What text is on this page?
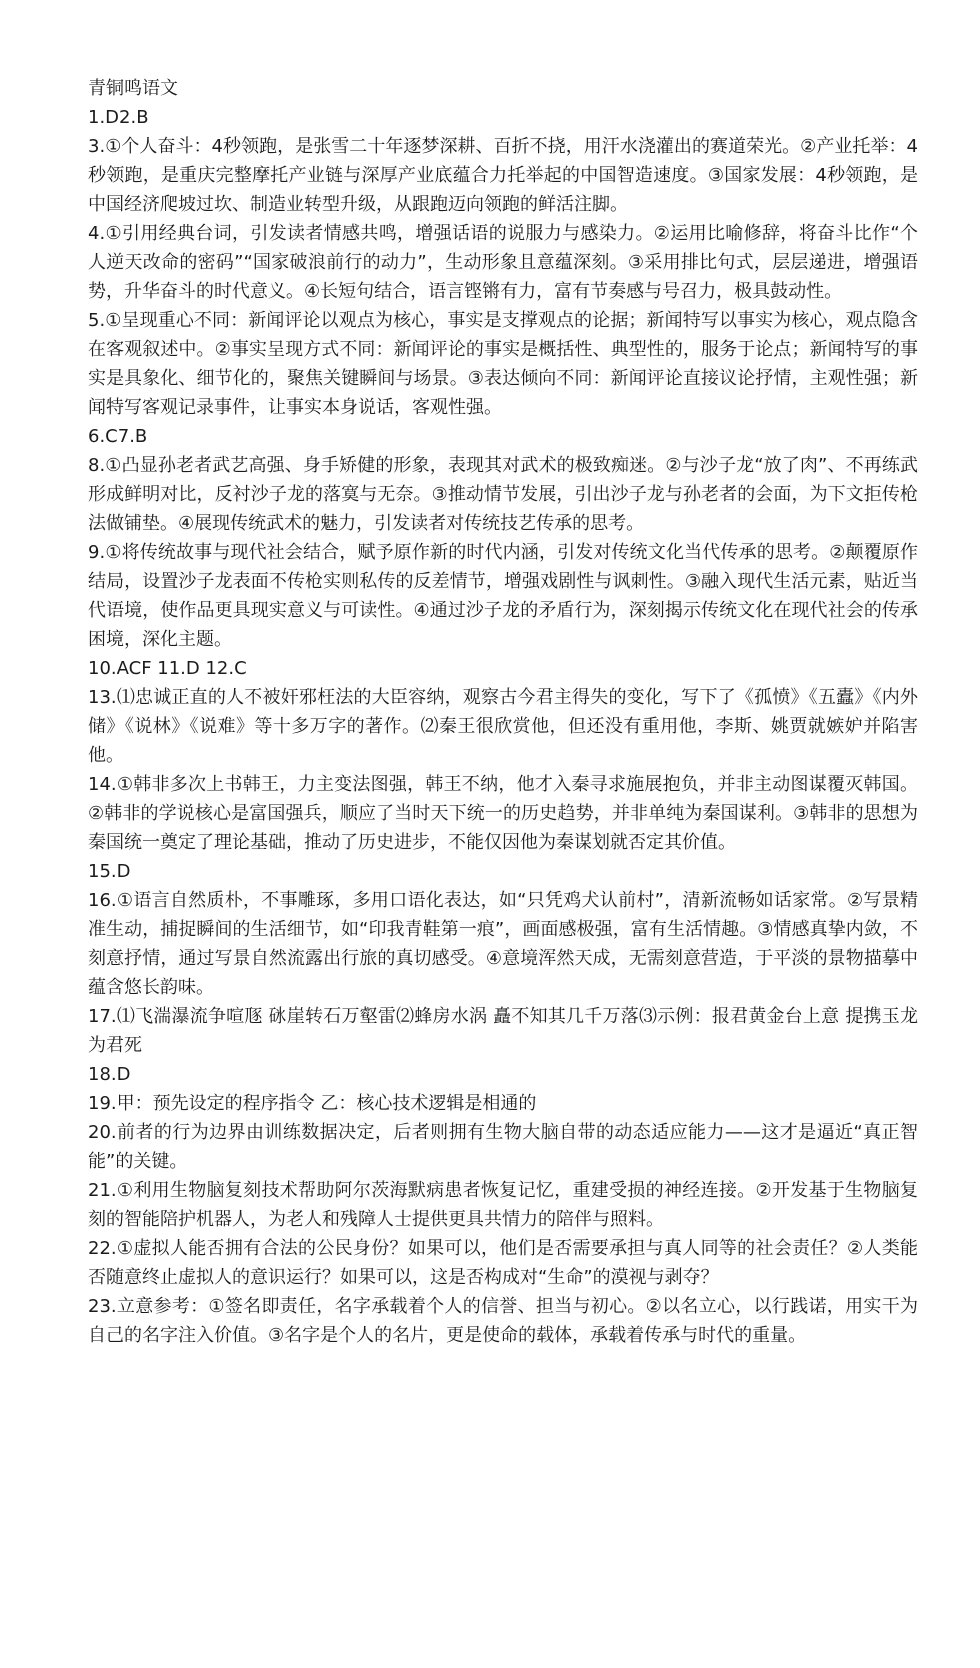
青铜鸣语文

1.D2.B

3.①个人奋斗：4秒领跑，是张雪二十年逐梦深耕、百折不挠，用汗水浇灌出的赛道荣光。②产业托举：4秒领跑，是重庆完整摩托产业链与深厚产业底蕴合力托举起的中国智造速度。③国家发展：4秒领跑，是中国经济爬坡过坎、制造业转型升级，从跟跑迈向领跑的鲜活注脚。

4.①引用经典台词，引发读者情感共鸣，增强话语的说服力与感染力。②运用比喻修辞，将奋斗比作“个人逆天改命的密码”“国家破浪前行的动力”，生动形象且意蕴深刻。③采用排比句式，层层递进，增强语势，升华奋斗的时代意义。④长短句结合，语言铿锵有力，富有节奏感与号召力，极具鼓动性。

5.①呈现重心不同：新闻评论以观点为核心，事实是支撑观点的论据；新闻特写以事实为核心，观点隐含在客观叙述中。②事实呈现方式不同：新闻评论的事实是概括性、典型性的，服务于论点；新闻特写的事实是具象化、细节化的，聚焦关键瞬间与场景。③表达倾向不同：新闻评论直接议论抒情，主观性强；新闻特写客观记录事件，让事实本身说话，客观性强。

6.C7.B

8.①凸显孙老者武艺高强、身手矫健的形象，表现其对武术的极致痴迷。②与沙子龙“放了肉”、不再练武形成鲜明对比，反衬沙子龙的落寞与无奈。③推动情节发展，引出沙子龙与孙老者的会面，为下文拒传枪法做铺垫。④展现传统武术的魅力，引发读者对传统技艺传承的思考。

9.①将传统故事与现代社会结合，赋予原作新的时代内涵，引发对传统文化当代传承的思考。②颠覆原作结局，设置沙子龙表面不传枪实则私传的反差情节，增强戏剧性与讽刺性。③融入现代生活元素，贴近当代语境，使作品更具现实意义与可读性。④通过沙子龙的矛盾行为，深刻揭示传统文化在现代社会的传承困境，深化主题。

10.ACF 11.D 12.C

13.⑴忠诚正直的人不被奸邪枉法的大臣容纳，观察古今君主得失的变化，写下了《孤愤》《五蠹》《内外储》《说林》《说难》等十多万字的著作。⑵秦王很欣赏他，但还没有重用他，李斯、姚贾就嫉妒并陷害他。

14.①韩非多次上书韩王，力主变法图强，韩王不纳，他才入秦寻求施展抱负，并非主动图谋覆灭韩国。②韩非的学说核心是富国强兵，顺应了当时天下统一的历史趋势，并非单纯为秦国谋利。③韩非的思想为秦国统一奠定了理论基础，推动了历史进步，不能仅因他为秦谋划就否定其价值。

15.D

16.①语言自然质朴，不事雕琢，多用口语化表达，如“只凭鸡犬认前村”，清新流畅如话家常。②写景精准生动，捕捉瞬间的生活细节，如“印我青鞋第一痕”，画面感极强，富有生活情趣。③情感真挚内敛，不刻意抒情，通过写景自然流露出行旅的真切感受。④意境浑然天成，无需刻意营造，于平淡的景物描摹中蕴含悠长韵味。

17.⑴飞湍瀑流争喧豗 砯崖转石万壑雷⑵蜂房水涡 矗不知其几千万落⑶示例：报君黄金台上意 提携玉龙为君死

18.D

19.甲：预先设定的程序指令 乙：核心技术逻辑是相通的

20.前者的行为边界由训练数据决定，后者则拥有生物大脑自带的动态适应能力——这才是逼近“真正智能”的关键。

21.①利用生物脑复刻技术帮助阿尔茨海默病患者恢复记忆，重建受损的神经连接。②开发基于生物脑复刻的智能陪护机器人，为老人和残障人士提供更具共情力的陪伴与照料。

22.①虚拟人能否拥有合法的公民身份？如果可以，他们是否需要承担与真人同等的社会责任？②人类能否随意终止虚拟人的意识运行？如果可以，这是否构成对“生命”的漠视与剥夺？

23.立意参考：①签名即责任，名字承载着个人的信誉、担当与初心。②以名立心，以行践诺，用实干为自己的名字注入价值。③名字是个人的名片，更是使命的载体，承载着传承与时代的重量。
